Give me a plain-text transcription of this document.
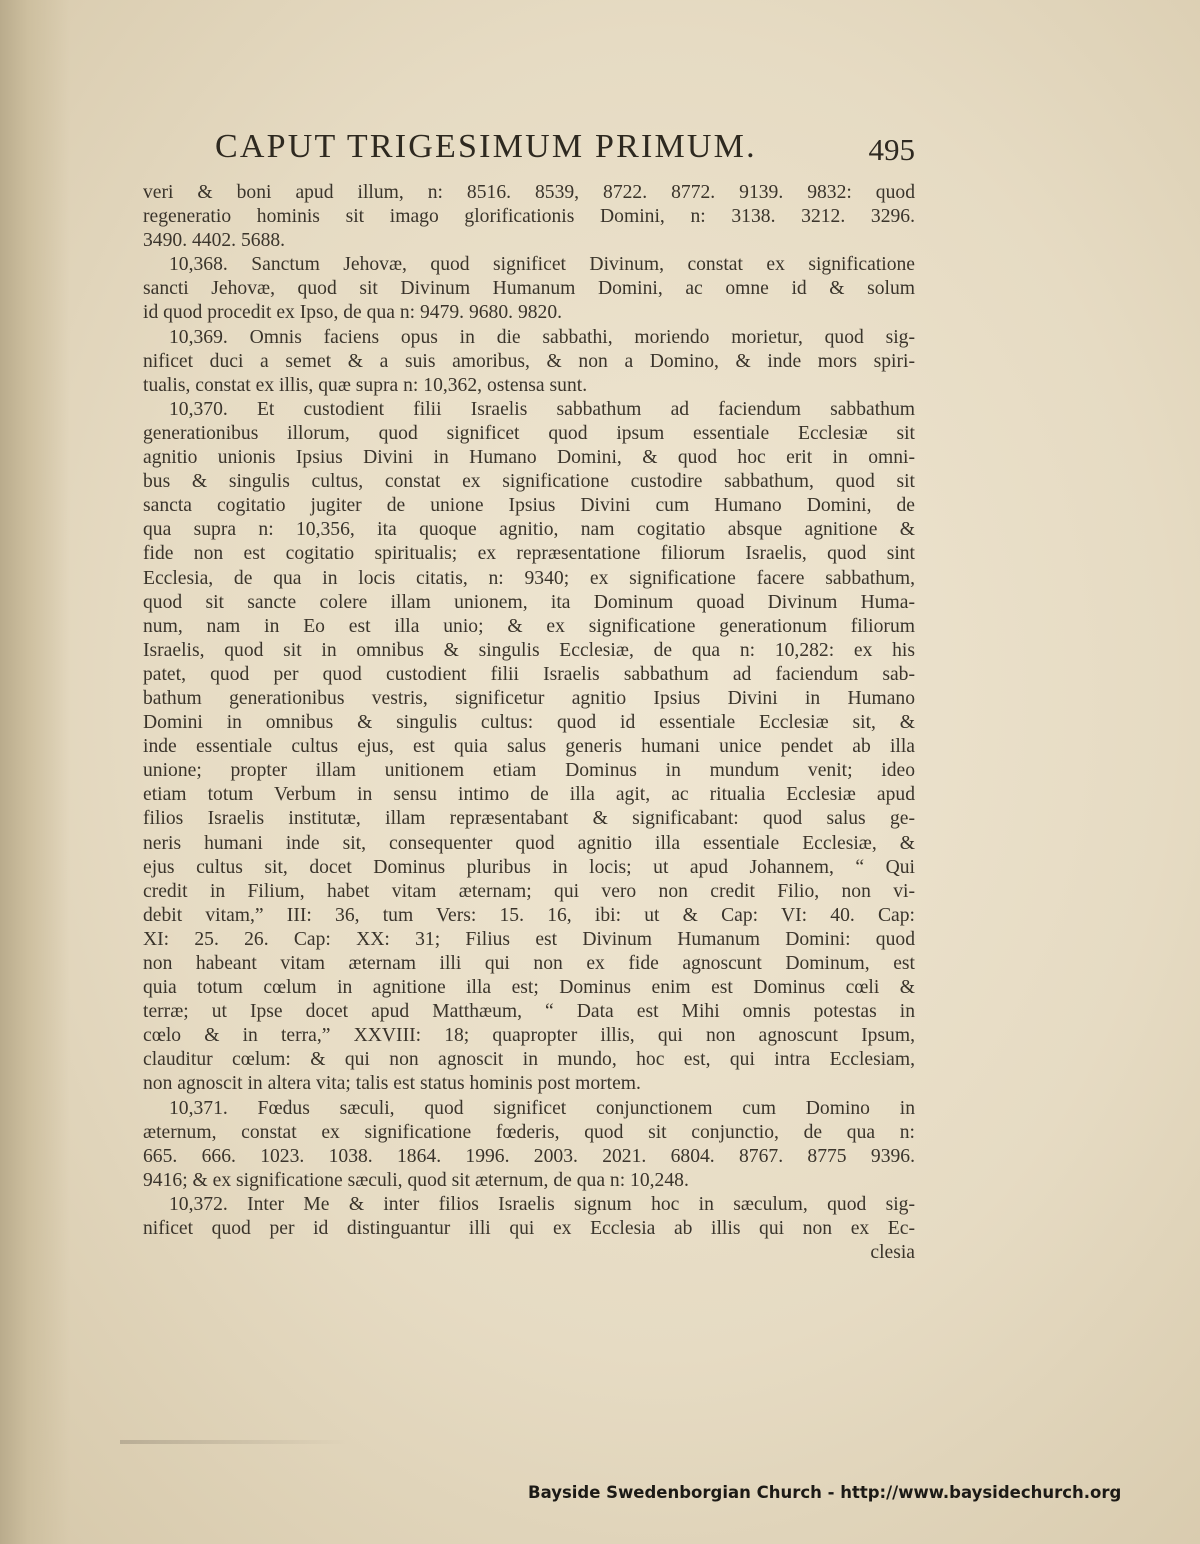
CAPUT TRIGESIMUM PRIMUM.	495
veri & boni apud illum, n: 8516. 8539, 8722. 8772. 9139. 9832: quod
regeneratio hominis sit imago glorificationis Domini, n: 3138. 3212. 3296.
3490. 4402. 5688.
10,368. Sanctum Jehovæ, quod significet Divinum, constat ex significatione
sancti Jehovæ, quod sit Divinum Humanum Domini, ac omne id & solum
id quod procedit ex Ipso, de qua n: 9479. 9680. 9820.
10,369. Omnis faciens opus in die sabbathi, moriendo morietur, quod sig-
nificet duci a semet & a suis amoribus, & non a Domino, & inde mors spiri-
tualis, constat ex illis, quæ supra n: 10,362, ostensa sunt.
10,370. Et custodient filii Israelis sabbathum ad faciendum sabbathum
generationibus illorum, quod significet quod ipsum essentiale Ecclesiæ sit
agnitio unionis Ipsius Divini in Humano Domini, & quod hoc erit in omni-
bus & singulis cultus, constat ex significatione custodire sabbathum, quod sit
sancta cogitatio jugiter de unione Ipsius Divini cum Humano Domini, de
qua supra n: 10,356, ita quoque agnitio, nam cogitatio absque agnitione &
fide non est cogitatio spiritualis; ex repræsentatione filiorum Israelis, quod sint
Ecclesia, de qua in locis citatis, n: 9340; ex significatione facere sabbathum,
quod sit sancte colere illam unionem, ita Dominum quoad Divinum Huma-
num, nam in Eo est illa unio; & ex significatione generationum filiorum
Israelis, quod sit in omnibus & singulis Ecclesiæ, de qua n: 10,282: ex his
patet, quod per quod custodient filii Israelis sabbathum ad faciendum sab-
bathum generationibus vestris, significetur agnitio Ipsius Divini in Humano
Domini in omnibus & singulis cultus: quod id essentiale Ecclesiæ sit, &
inde essentiale cultus ejus, est quia salus generis humani unice pendet ab illa
unione; propter illam unitionem etiam Dominus in mundum venit; ideo
etiam totum Verbum in sensu intimo de illa agit, ac ritualia Ecclesiæ apud
filios Israelis institutæ, illam repræsentabant & significabant: quod salus ge-
neris humani inde sit, consequenter quod agnitio illa essentiale Ecclesiæ, &
ejus cultus sit, docet Dominus pluribus in locis; ut apud Johannem, “ Qui
credit in Filium, habet vitam æternam; qui vero non credit Filio, non vi-
debit vitam,” III: 36, tum Vers: 15. 16, ibi: ut & Cap: VI: 40. Cap:
XI: 25. 26. Cap: XX: 31; Filius est Divinum Humanum Domini: quod
non habeant vitam æternam illi qui non ex fide agnoscunt Dominum, est
quia totum cœlum in agnitione illa est; Dominus enim est Dominus cœli &
terræ; ut Ipse docet apud Matthæum, “ Data est Mihi omnis potestas in
cœlo & in terra,” XXVIII: 18; quapropter illis, qui non agnoscunt Ipsum,
clauditur cœlum: & qui non agnoscit in mundo, hoc est, qui intra Ecclesiam,
non agnoscit in altera vita; talis est status hominis post mortem.
10,371. Fœdus sæculi, quod significet conjunctionem cum Domino in
æternum, constat ex significatione fœderis, quod sit conjunctio, de qua n:
665. 666. 1023. 1038. 1864. 1996. 2003. 2021. 6804. 8767. 8775 9396.
9416; & ex significatione sæculi, quod sit æternum, de qua n: 10,248.
10,372. Inter Me & inter filios Israelis signum hoc in sæculum, quod sig-
nificet quod per id distinguantur illi qui ex Ecclesia ab illis qui non ex Ec-
clesia
Bayside Swedenborgian Church - http://www.baysidechurch.org
